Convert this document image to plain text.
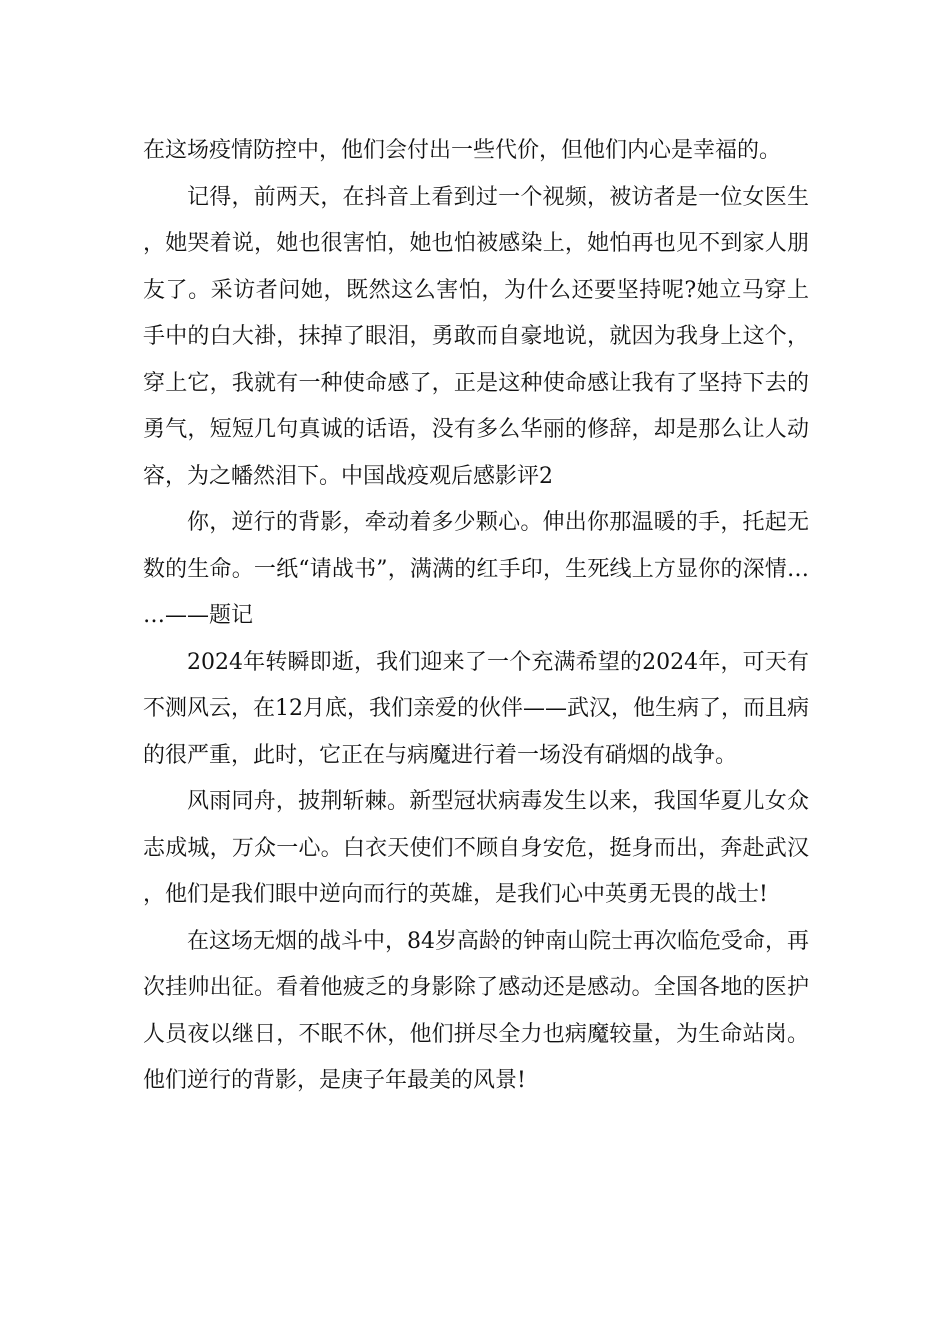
在这场疫情防控中，他们会付出一些代价，但他们内心是幸福的。

记得，前两天，在抖音上看到过一个视频，被访者是一位女医生，她哭着说，她也很害怕，她也怕被感染上，她怕再也见不到家人朋友了。采访者问她，既然这么害怕，为什么还要坚持呢?她立马穿上手中的白大褂，抹掉了眼泪，勇敢而自豪地说，就因为我身上这个，穿上它，我就有一种使命感了，正是这种使命感让我有了坚持下去的勇气，短短几句真诚的话语，没有多么华丽的修辞，却是那么让人动容，为之幡然泪下。中国战疫观后感影评2

你，逆行的背影，牵动着多少颗心。伸出你那温暖的手，托起无数的生命。一纸“请战书”，满满的红手印，生死线上方显你的深情……——题记

2024年转瞬即逝，我们迎来了一个充满希望的2024年，可天有不测风云，在12月底，我们亲爱的伙伴——武汉，他生病了，而且病的很严重，此时，它正在与病魔进行着一场没有硝烟的战争。

风雨同舟，披荆斩棘。新型冠状病毒发生以来，我国华夏儿女众志成城，万众一心。白衣天使们不顾自身安危，挺身而出，奔赴武汉，他们是我们眼中逆向而行的英雄，是我们心中英勇无畏的战士!

在这场无烟的战斗中，84岁高龄的钟南山院士再次临危受命，再次挂帅出征。看着他疲乏的身影除了感动还是感动。全国各地的医护人员夜以继日，不眠不休，他们拼尽全力也病魔较量，为生命站岗。他们逆行的背影，是庚子年最美的风景!
